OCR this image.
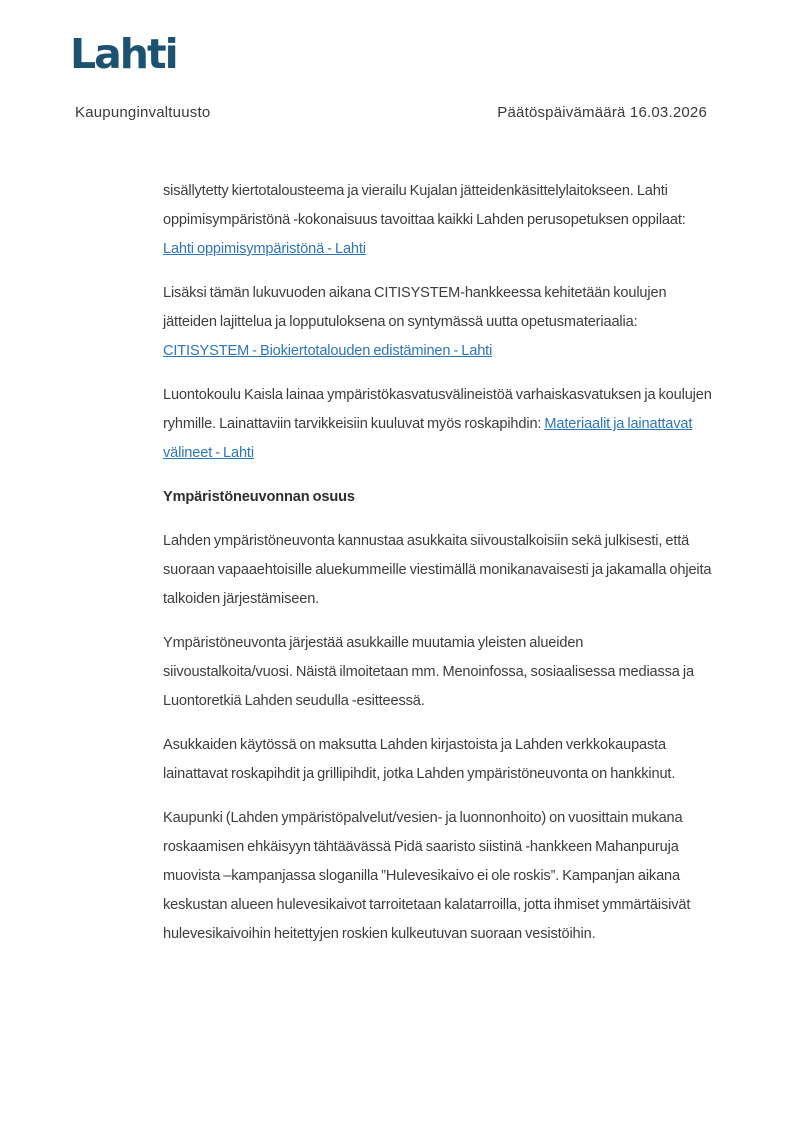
Lahti
Kaupunginvaltuusto	Päätöspäivämäärä 16.03.2026

sisällytetty kiertotalousteema ja vierailu Kujalan jätteidenkäsittelylaitokseen. Lahti oppimisympäristönä -kokonaisuus tavoittaa kaikki Lahden perusopetuksen oppilaat: Lahti oppimisympäristönä - Lahti

Lisäksi tämän lukuvuoden aikana CITISYSTEM-hankkeessa kehitetään koulujen jätteiden lajittelua ja lopputuloksena on syntymässä uutta opetusmateriaalia: CITISYSTEM - Biokiertotalouden edistäminen - Lahti

Luontokoulu Kaisla lainaa ympäristökasvatusvälineistöä varhaiskasvatuksen ja koulujen ryhmille. Lainattaviin tarvikkeisiin kuuluvat myös roskapihdin: Materiaalit ja lainattavat välineet - Lahti

Ympäristöneuvonnan osuus

Lahden ympäristöneuvonta kannustaa asukkaita siivoustalkoisiin sekä julkisesti, että suoraan vapaaehtoisille aluekummeille viestimällä monikanavaisesti ja jakamalla ohjeita talkoiden järjestämiseen.

Ympäristöneuvonta järjestää asukkaille muutamia yleisten alueiden siivoustalkoita/vuosi. Näistä ilmoitetaan mm. Menoinfossa, sosiaalisessa mediassa ja Luontoretkiä Lahden seudulla -esitteessä.

Asukkaiden käytössä on maksutta Lahden kirjastoista ja Lahden verkkokaupasta lainattavat roskapihdit ja grillipihdit, jotka Lahden ympäristöneuvonta on hankkinut.

Kaupunki (Lahden ympäristöpalvelut/vesien- ja luonnonhoito) on vuosittain mukana roskaamisen ehkäisyyn tähtäävässä Pidä saaristo siistinä -hankkeen Mahanpuruja muovista –kampanjassa sloganilla ”Hulevesikaivo ei ole roskis”. Kampanjan aikana keskustan alueen hulevesikaivot tarroitetaan kalatarroilla, jotta ihmiset ymmärtäisivät hulevesikaivoihin heitettyjen roskien kulkeutuvan suoraan vesistöihin.
